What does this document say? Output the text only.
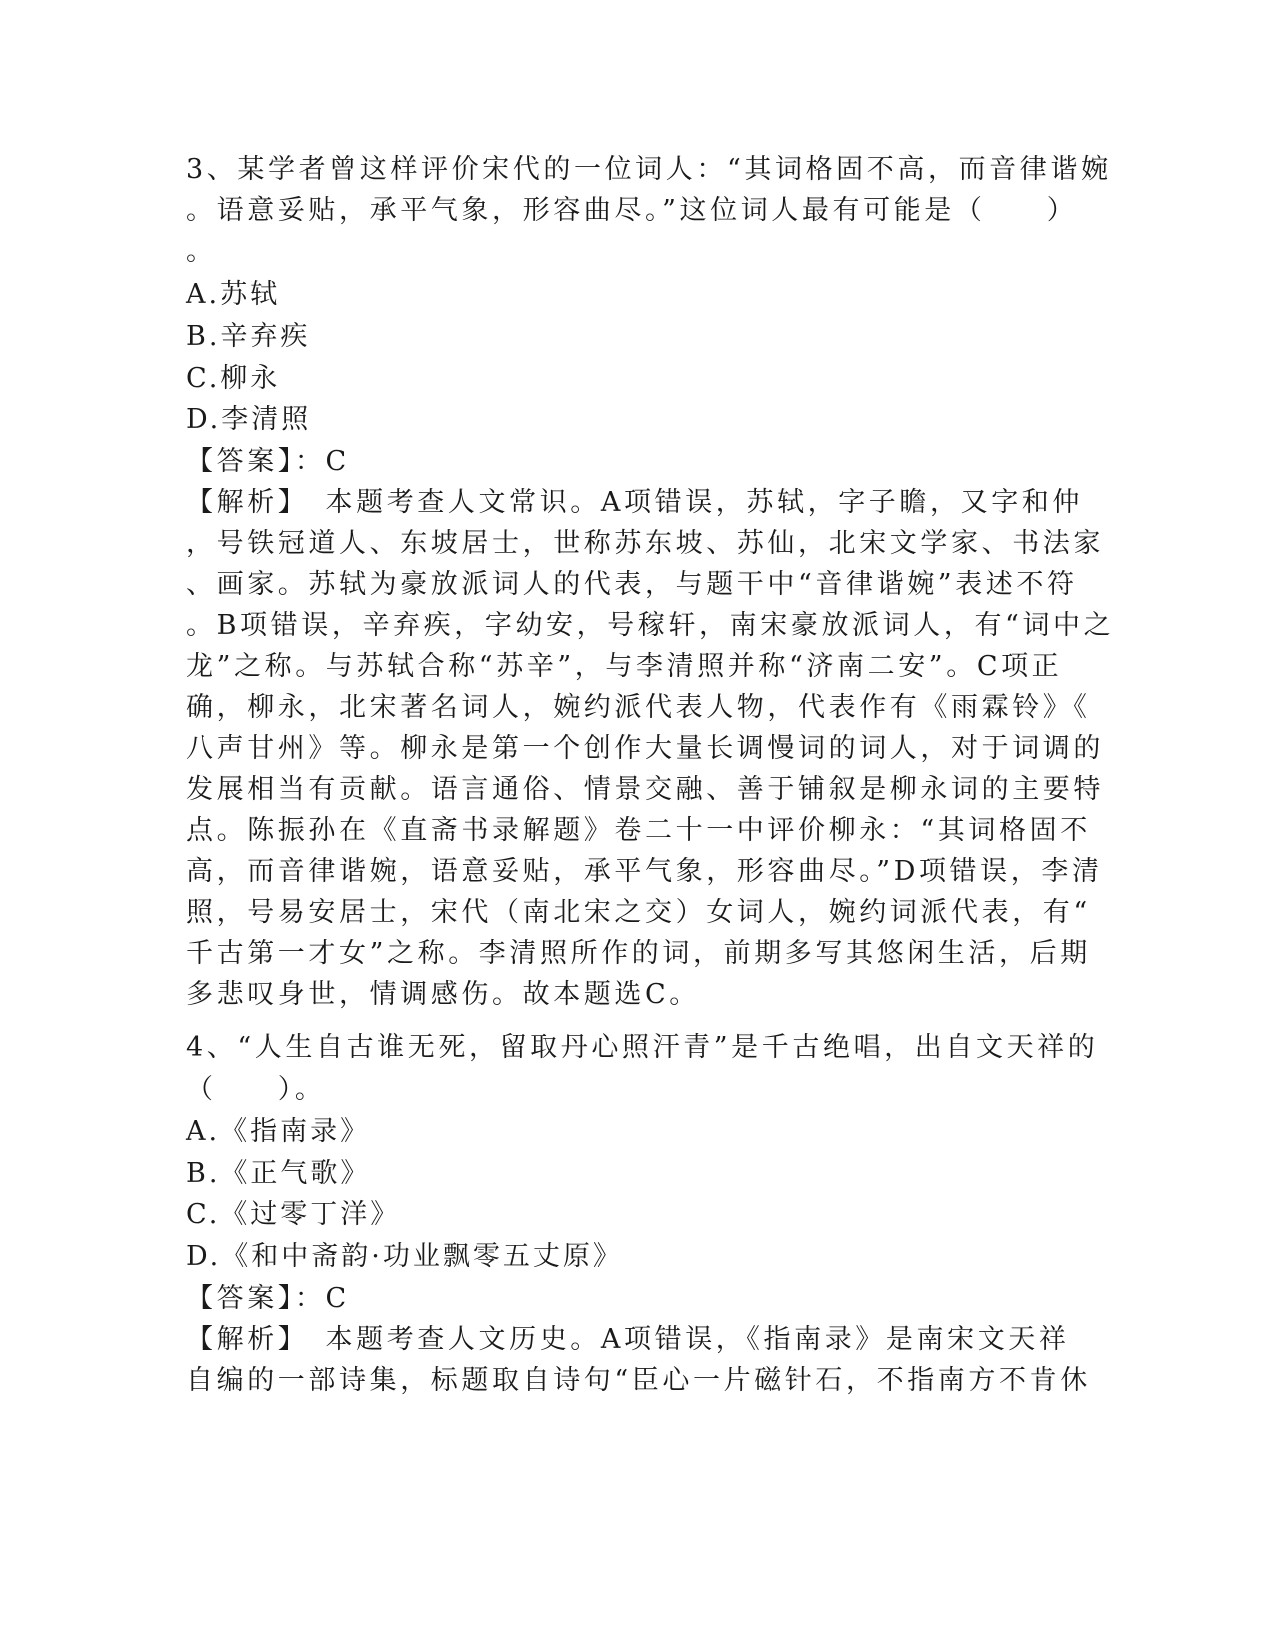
3、某学者曾这样评价宋代的一位词人：“其词格固不高，而音律谐婉
。语意妥贴，承平气象，形容曲尽。”这位词人最有可能是（　　）
。
A.苏轼
B.辛弃疾
C.柳永
D.李清照
【答案】：C
【解析】　本题考查人文常识。A项错误，苏轼，字子瞻，又字和仲
，号铁冠道人、东坡居士，世称苏东坡、苏仙，北宋文学家、书法家
、画家。苏轼为豪放派词人的代表，与题干中“音律谐婉”表述不符
。B项错误，辛弃疾，字幼安，号稼轩，南宋豪放派词人，有“词中之
龙”之称。与苏轼合称“苏辛”，与李清照并称“济南二安”。C项正
确，柳永，北宋著名词人，婉约派代表人物，代表作有《雨霖铃》《
八声甘州》等。柳永是第一个创作大量长调慢词的词人，对于词调的
发展相当有贡献。语言通俗、情景交融、善于铺叙是柳永词的主要特
点。陈振孙在《直斋书录解题》卷二十一中评价柳永：“其词格固不
高，而音律谐婉，语意妥贴，承平气象，形容曲尽。”D项错误，李清
照，号易安居士，宋代（南北宋之交）女词人，婉约词派代表，有“
千古第一才女”之称。李清照所作的词，前期多写其悠闲生活，后期
多悲叹身世，情调感伤。故本题选C。
4、“人生自古谁无死，留取丹心照汗青”是千古绝唱，出自文天祥的
（　　）。
A.《指南录》
B.《正气歌》
C.《过零丁洋》
D.《和中斋韵·功业飘零五丈原》
【答案】：C
【解析】　本题考查人文历史。A项错误，《指南录》是南宋文天祥
自编的一部诗集，标题取自诗句“臣心一片磁针石，不指南方不肯休
